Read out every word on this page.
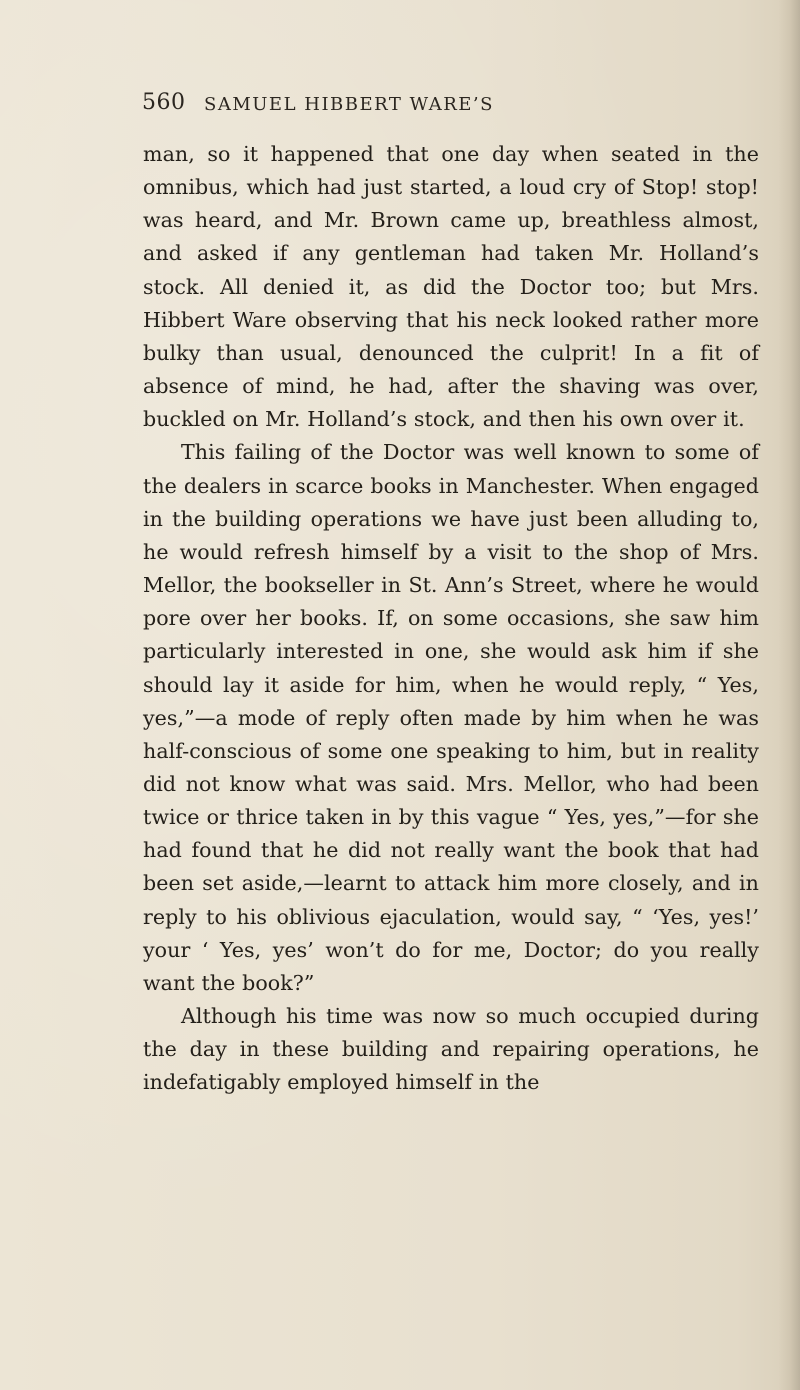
560 SAMUEL HIBBERT WARE’S

man, so it happened that one day when seated in the omnibus, which had just started, a loud cry of Stop! stop! was heard, and Mr. Brown came up, breathless almost, and asked if any gentleman had taken Mr. Holland’s stock. All denied it, as did the Doctor too; but Mrs. Hibbert Ware observing that his neck looked rather more bulky than usual, denounced the culprit! In a fit of absence of mind, he had, after the shaving was over, buckled on Mr. Holland’s stock, and then his own over it.

This failing of the Doctor was well known to some of the dealers in scarce books in Manchester. When engaged in the building operations we have just been alluding to, he would refresh himself by a visit to the shop of Mrs. Mellor, the bookseller in St. Ann’s Street, where he would pore over her books. If, on some occasions, she saw him particularly interested in one, she would ask him if she should lay it aside for him, when he would reply, “ Yes, yes,”—a mode of reply often made by him when he was half-conscious of some one speaking to him, but in reality did not know what was said. Mrs. Mellor, who had been twice or thrice taken in by this vague “ Yes, yes,”—for she had found that he did not really want the book that had been set aside,—learnt to attack him more closely, and in reply to his oblivious ejaculation, would say, “ ‘Yes, yes!’ your ‘ Yes, yes’ won’t do for me, Doctor; do you really want the book?”

Although his time was now so much occupied during the day in these building and repairing operations, he indefatigably employed himself in the
